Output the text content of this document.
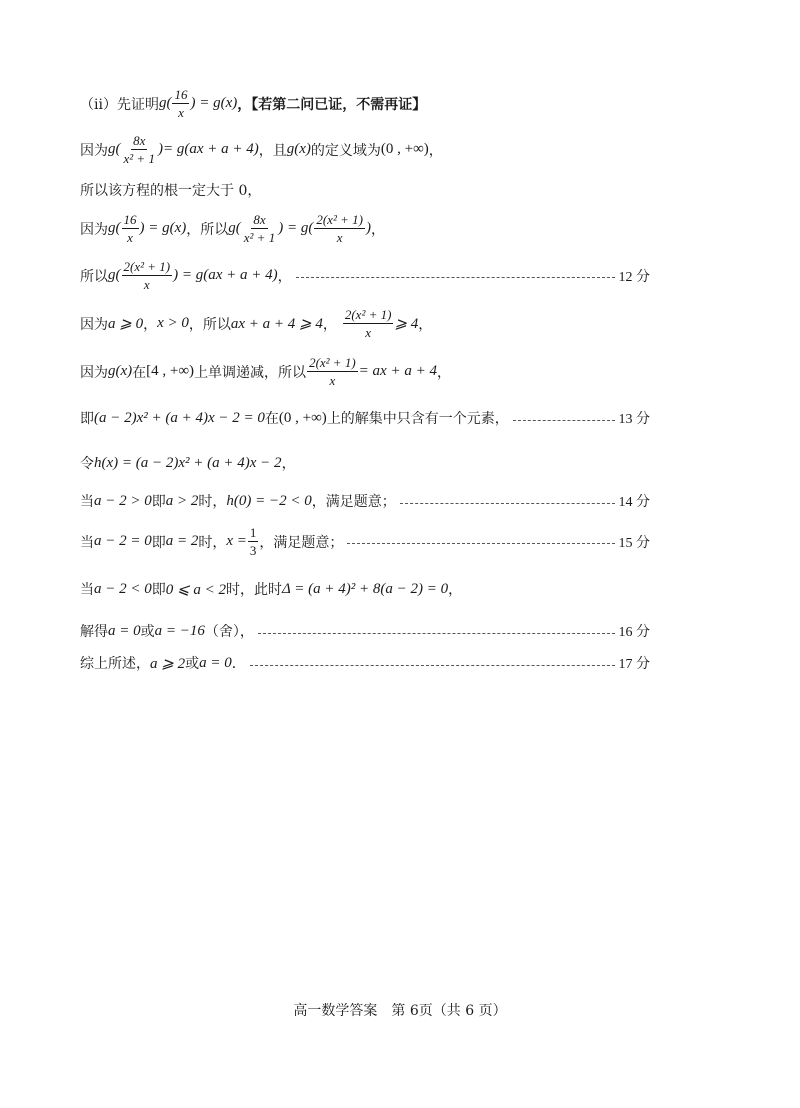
（ii）先证明 $g( \frac{16}{x}$ ) = g(x) ，【若第二问已证，不需再证】
因为 $g( \frac{8x}{\text{x² + 1}}$ ) = g(ax + a + 4) ，且 g(x) 的定义域为 (0 , +∞) ，
所以该方程的根一定大于 0，
因为 $g( \frac{16}{x}$ ) = g(x) ，所以 $g( \frac{8x}{\text{x² + 1}}$ ) = $g( \frac{\text{2(x² + 1)}}{x}$ ) ，
所以 $g( \frac{\text{2(x² + 1)}}{x}$ ) = g(ax + a + 4) ，	12 分
因为 a ⩾ 0 ， x > 0 ，所以 ax + a + 4 ⩾ 4 ， $\frac{\text{2(x² + 1)}}{x}$ ⩾ 4 ，
因为 g(x) 在 [4 , +∞) 上单调递减，所以 $\frac{\text{2(x² + 1)}}{x}$ = ax + a + 4 ，
即 (a − 2)x² + (a + 4)x − 2 = 0 在 (0 , +∞) 上的解集中只含有一个元素，	13 分
令 h(x) = (a − 2)x² + (a + 4)x − 2 ，
当 a − 2 > 0 即 a > 2 时， h(0) = −2 < 0 ，满足题意；	14 分
当 a − 2 = 0 即 a = 2 时， $x = \frac{1}{3}$ ，满足题意；	15 分
当 a − 2 < 0 即 0 ⩽ a < 2 时，此时 Δ = (a + 4)² + 8(a − 2) = 0 ，
解得 a = 0 或 a = −16 （舍），	16 分
综上所述， a ⩾ 2 或 a = 0 ．	17 分
高一数学答案　第 6页（共 6 页）
